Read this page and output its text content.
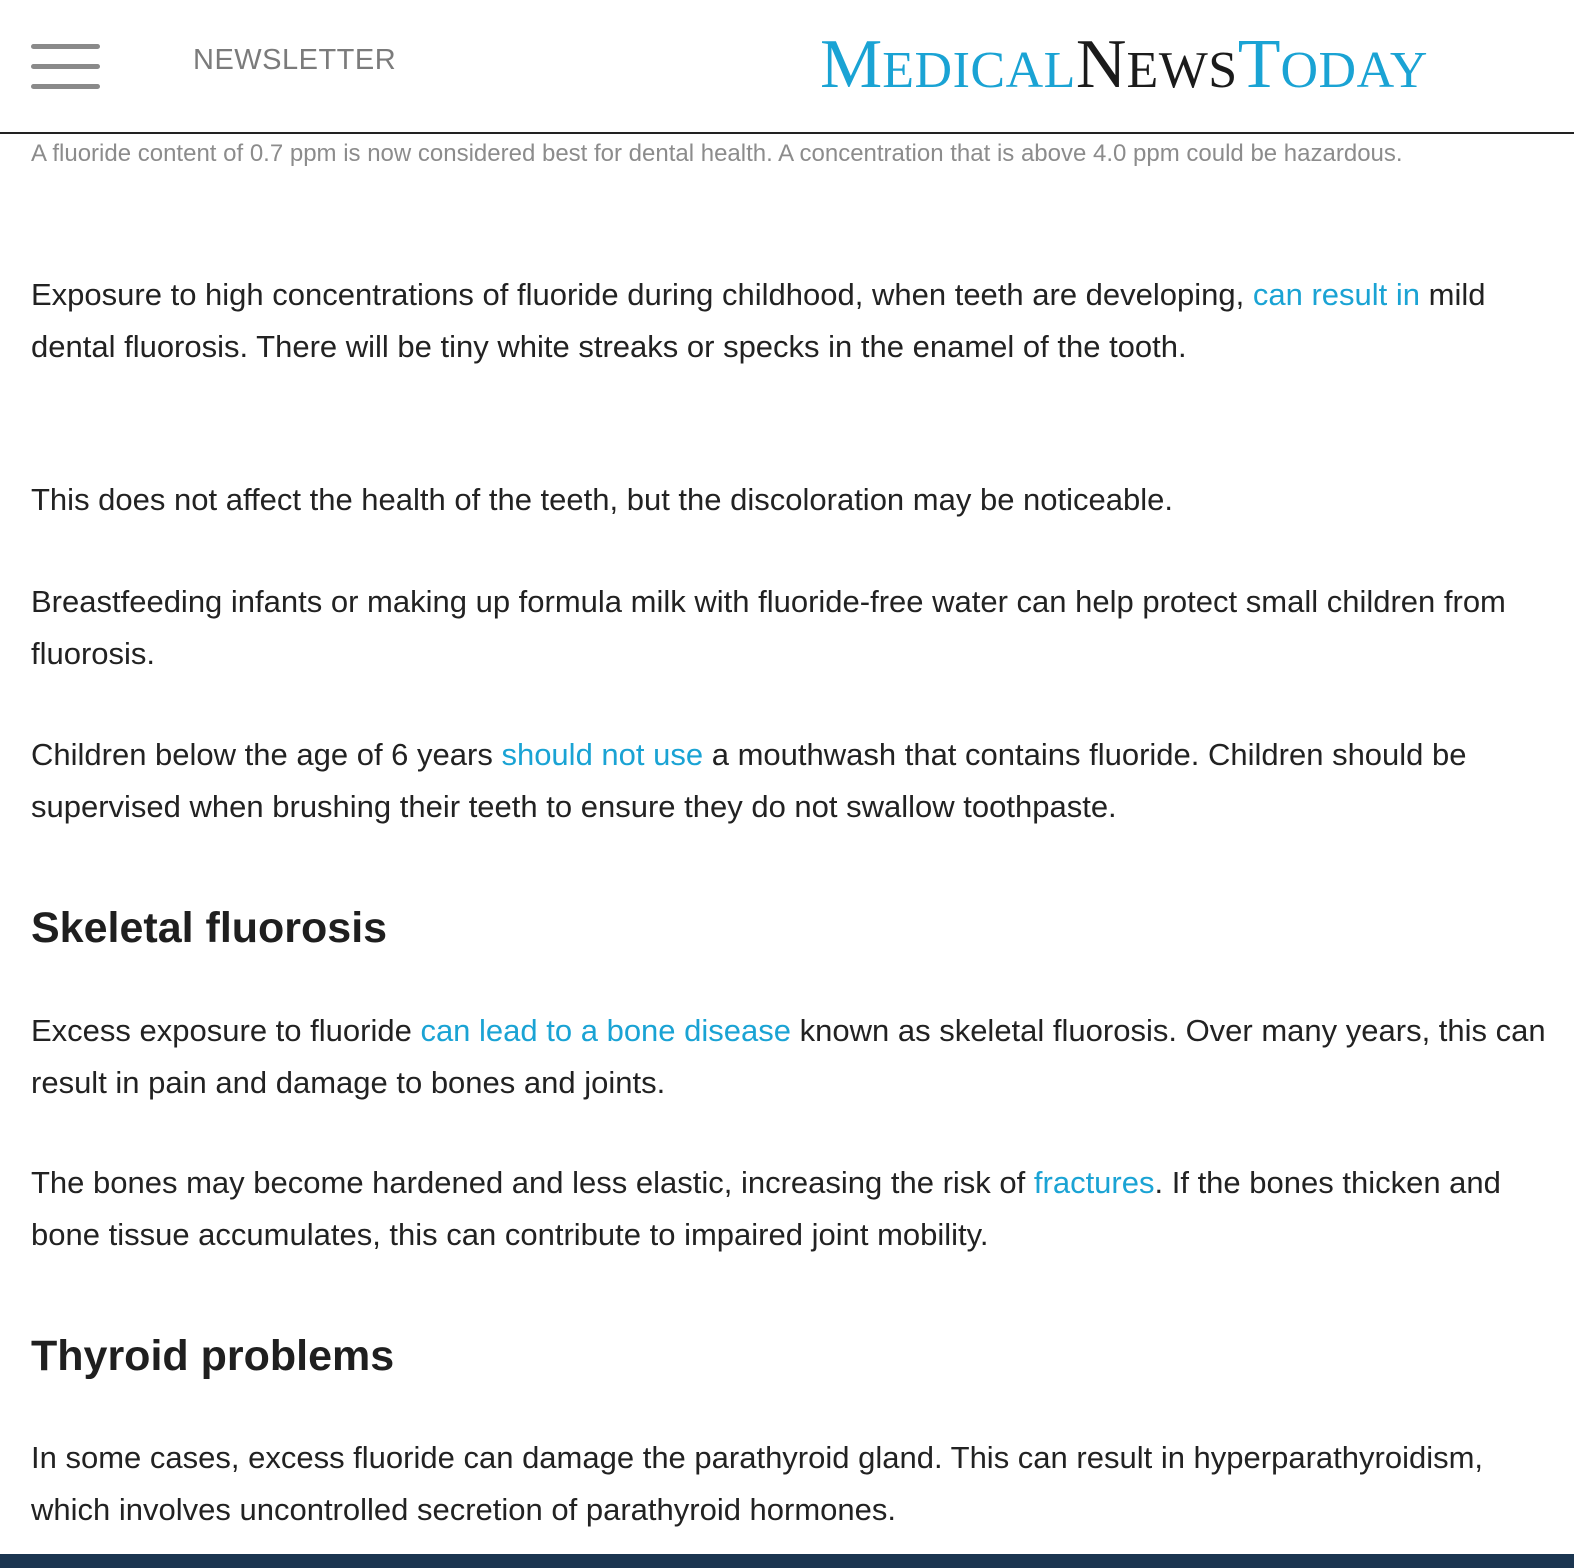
NEWSLETTER	MEDICALNEWSTODAY
A fluoride content of 0.7 ppm is now considered best for dental health. A concentration that is above 4.0 ppm could be hazardous.
Exposure to high concentrations of fluoride during childhood, when teeth are developing, can result in mild dental fluorosis. There will be tiny white streaks or specks in the enamel of the tooth.
This does not affect the health of the teeth, but the discoloration may be noticeable.
Breastfeeding infants or making up formula milk with fluoride-free water can help protect small children from fluorosis.
Children below the age of 6 years should not use a mouthwash that contains fluoride. Children should be supervised when brushing their teeth to ensure they do not swallow toothpaste.
Skeletal fluorosis
Excess exposure to fluoride can lead to a bone disease known as skeletal fluorosis. Over many years, this can result in pain and damage to bones and joints.
The bones may become hardened and less elastic, increasing the risk of fractures. If the bones thicken and bone tissue accumulates, this can contribute to impaired joint mobility.
Thyroid problems
In some cases, excess fluoride can damage the parathyroid gland. This can result in hyperparathyroidism, which involves uncontrolled secretion of parathyroid hormones.
